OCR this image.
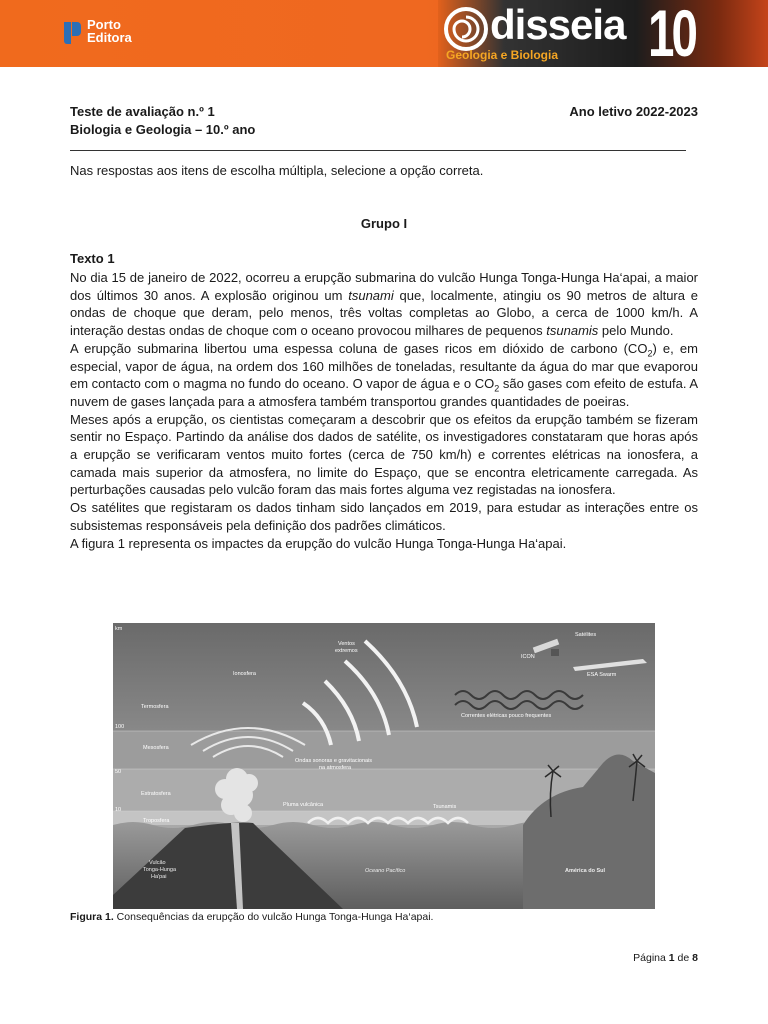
Porto
Editora	disseia
Geologia e Biologia 10
Teste de avaliação n.º 1
Biologia e Geologia – 10.º ano
Ano letivo 2022-2023
Nas respostas aos itens de escolha múltipla, selecione a opção correta.
Grupo I
Texto 1

No dia 15 de janeiro de 2022, ocorreu a erupção submarina do vulcão Hunga Tonga-Hunga Ha‘apai, a maior dos últimos 30 anos. A explosão originou um tsunami que, localmente, atingiu os 90 metros de altura e ondas de choque que deram, pelo menos, três voltas completas ao Globo, a cerca de 1000 km/h. A interação destas ondas de choque com o oceano provocou milhares de pequenos tsunamis pelo Mundo.

A erupção submarina libertou uma espessa coluna de gases ricos em dióxido de carbono $(CO_2)$ e, em especial, vapor de água, na ordem dos 160 milhões de toneladas, resultante da água do mar que evaporou em contacto com o magma no fundo do oceano. O vapor de água e o $CO_2$ são gases com efeito de estufa. A nuvem de gases lançada para a atmosfera também transportou grandes quantidades de poeiras.

Meses após a erupção, os cientistas começaram a descobrir que os efeitos da erupção também se fizeram sentir no Espaço. Partindo da análise dos dados de satélite, os investigadores constataram que horas após a erupção se verificaram ventos muito fortes (cerca de 750 km/h) e correntes elétricas na ionosfera, a camada mais superior da atmosfera, no limite do Espaço, que se encontra eletricamente carregada. As perturbações causadas pelo vulcão foram das mais fortes alguma vez registadas na ionosfera.

Os satélites que registaram os dados tinham sido lançados em 2019, para estudar as interações entre os subsistemas responsáveis pela definição dos padrões climáticos.

A figura 1 representa os impactes da erupção do vulcão Hunga Tonga-Hunga Ha‘apai.

km
100
50
10
Ionosfera
Termosfera
Mesosfera
Estratosfera
Troposfera
Ventos
extremos
Satélites
ICON
ESA Swarm
Correntes elétricas pouco frequentes
Ondas sonoras e gravitacionais
na atmosfera
Pluma vulcânica	Tsunamis
Vulcão
Tonga-Hunga
Ha'pai
Oceano Pacífico	América do Sul
Figura 1. Consequências da erupção do vulcão Hunga Tonga-Hunga Ha‘apai.
Página 1 de 8
